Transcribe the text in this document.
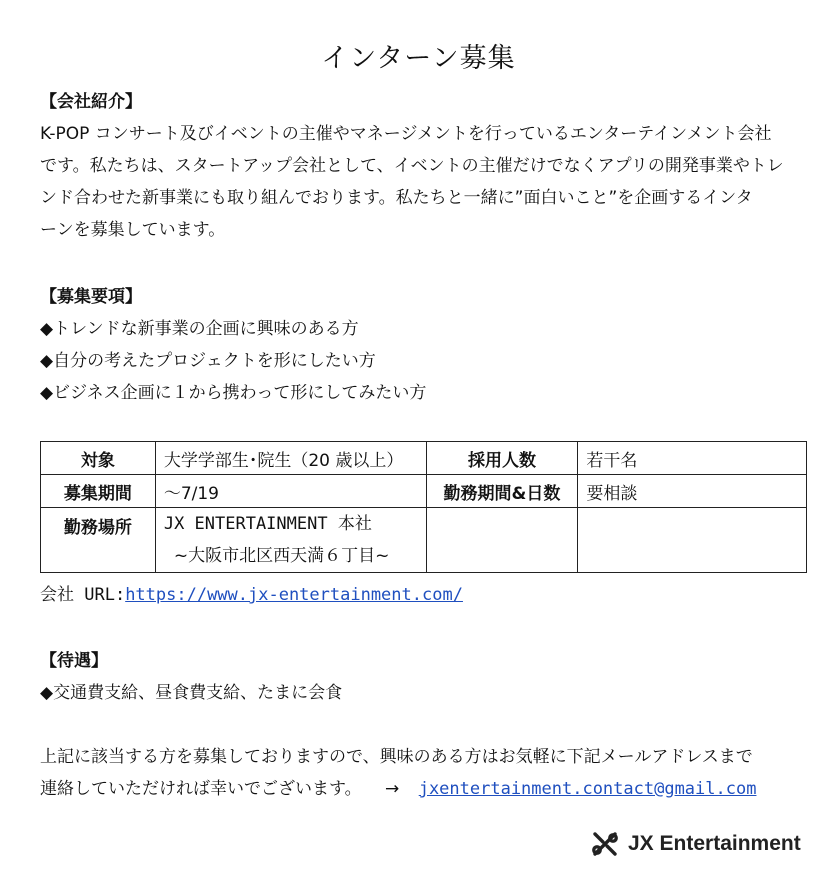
インターン募集
【会社紹介】
K-POP コンサート及びイベントの主催やマネージメントを行っているエンターテインメント会社
です。私たちは、スタートアップ会社として、イベントの主催だけでなくアプリの開発事業やトレ
ンド合わせた新事業にも取り組んでおります。私たちと一緒に”面白いこと”を企画するインタ
ーンを募集しています。
【募集要項】
◆トレンドな新事業の企画に興味のある方
◆自分の考えたプロジェクトを形にしたい方
◆ビジネス企画に１から携わって形にしてみたい方
対象	大学学部生･院生（20 歳以上）	採用人数	若干名
募集期間	～7/19	勤務期間&日数	要相談
勤務場所	JX ENTERTAINMENT 本社
~大阪市北区西天満６丁目~		

会社 URL:https://www.jx-entertainment.com/
【待遇】
◆交通費支給、昼食費支給、たまに会食
上記に該当する方を募集しておりますので、興味のある方はお気軽に下記メールアドレスまで
連絡していただければ幸いでございます。 → jxentertainment.contact@gmail.com
JX Entertainment
